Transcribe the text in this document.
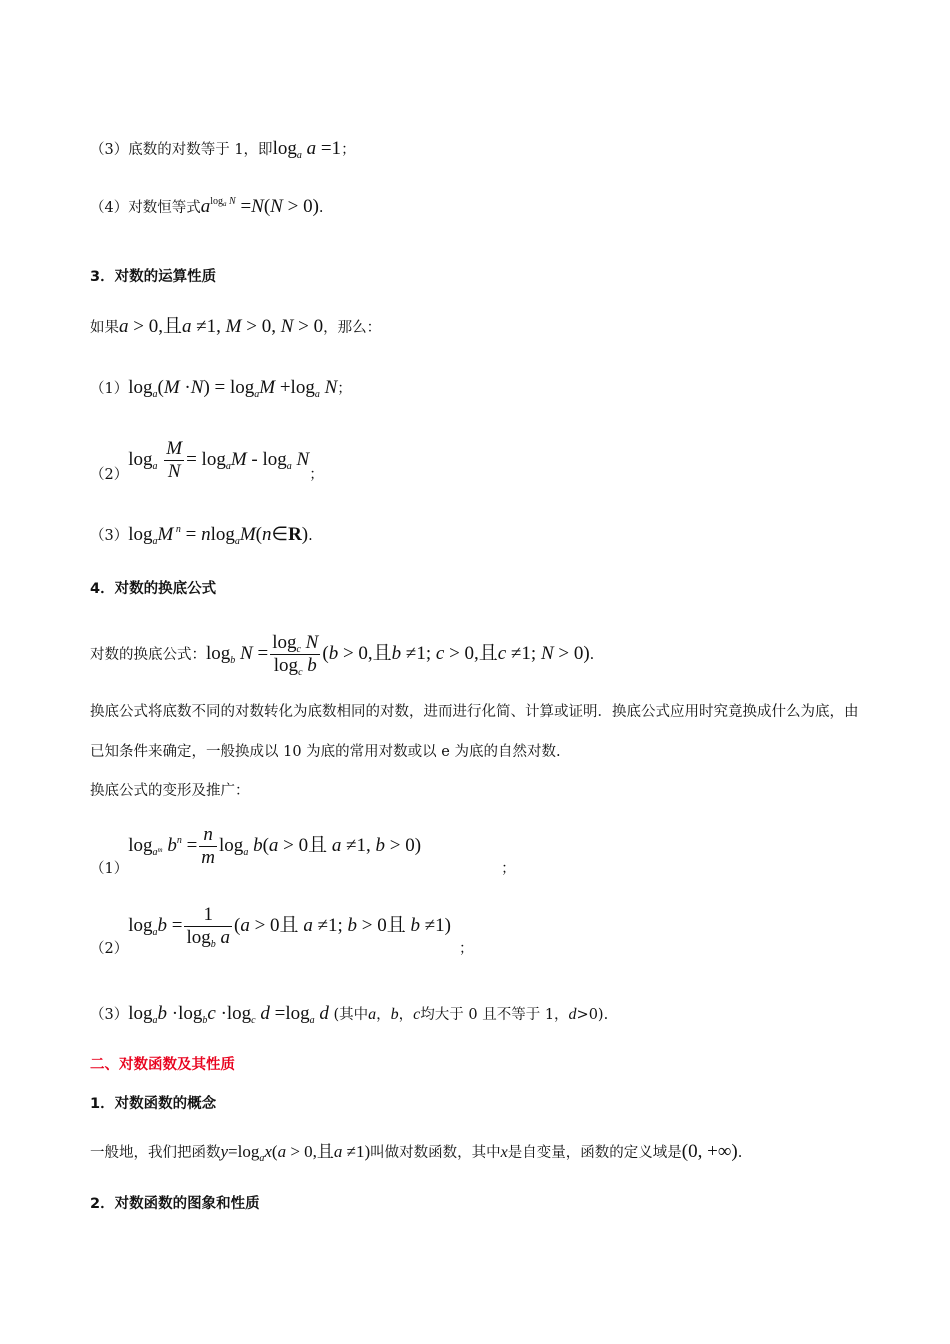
（3）底数的对数等于 1，即$\log_a a =1$；
（4）对数恒等式$a^{log_a N} =N(N > 0)$.
3．对数的运算性质
如果a > 0,且a ≠1, M > 0, N > 0，那么：
$(1)\log_a(M \cdot N) = \log_aM +\log_a$ N；
$(2)\log_a \frac{M}{N} = \log_aM - \log_a N$；
$(3)\log_aM$ $^n$ = nlog$_a$M(n∈R).
4．对数的换底公式
对数的换底公式：$\log_b N = \frac{\log_c N}{\log_c b} (b > 0$,且b ≠1; c > 0,且c ≠1; N > 0).
换底公式将底数不同的对数转化为底数相同的对数，进而进行化简、计算或证明．换底公式应用时究竟换成什么为底，由已知条件来确定，一般换成以 10 为底的常用对数或以 e 为底的自然对数.
换底公式的变形及推广：
$(1)\log_{a^m}$ $b^n = \frac{n}{m} \log_a b(a > 0$且 a ≠1, b > 0)；
$(2)\log_ab = \frac{1}{\log_b a} (a > 0$且 a ≠1; b > 0且 b ≠1)；
$(3)\log_ab \cdot\log_bc \cdot\log_c$ $d =\log_a$ d (其中a，b，c均大于 0 且不等于 1，d>0).
二、对数函数及其性质
1．对数函数的概念
一般地，我们把函数$y=\log_ax(a > 0$,且a ≠1)叫做对数函数，其中x是自变量，函数的定义域是(0, +∞).
2．对数函数的图象和性质
